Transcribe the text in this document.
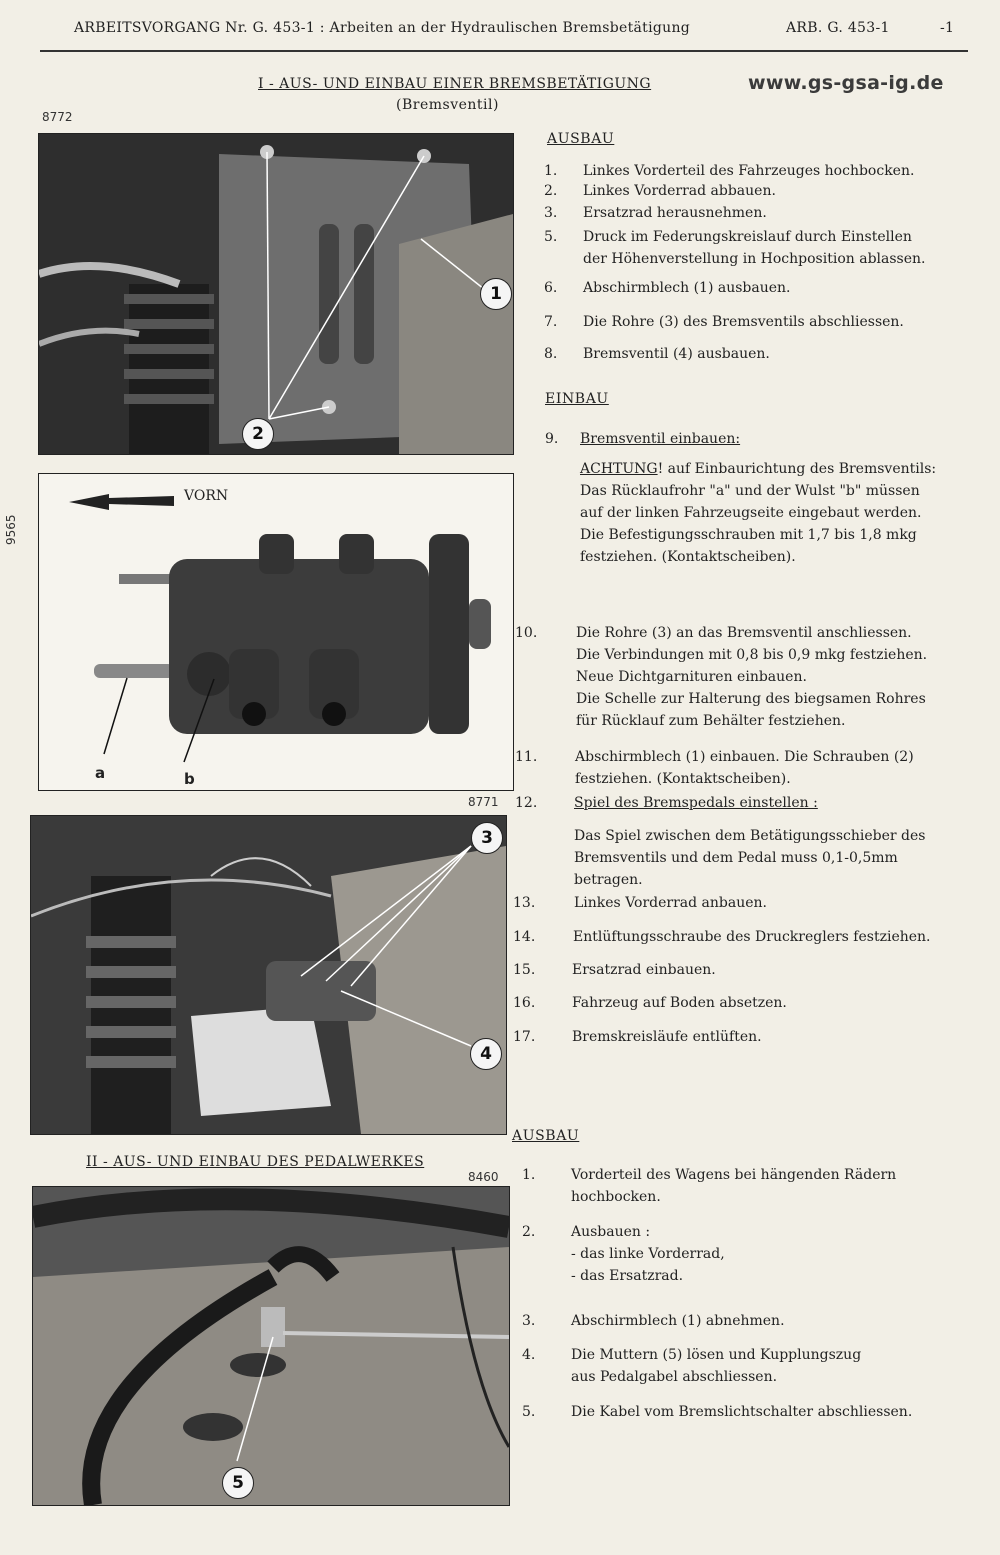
ARBEITSVORGANG Nr. G. 453-1 : Arbeiten an der Hydraulischen Bremsbetätigung	ARB. G. 453-1	-1
I - AUS- UND EINBAU EINER BREMSBETÄTIGUNG
(Bremsventil)
www.gs-gsa-ig.de
8772
1
2
9565
VORN
a	b
8771
3
4
II - AUS- UND EINBAU DES PEDALWERKES
8460
5
AUSBAU
1.	Linkes Vorderteil des Fahrzeuges hochbocken.
2.	Linkes Vorderrad abbauen.
3.	Ersatzrad herausnehmen.
5.	Druck im Federungskreislauf durch Einstellen
der Höhenverstellung in Hochposition ablassen.
6.	Abschirmblech (1) ausbauen.
7.	Die Rohre (3) des Bremsventils abschliessen.
8.	Bremsventil (4) ausbauen.
EINBAU
9. Bremsventil einbauen:
ACHTUNG! auf Einbaurichtung des Bremsventils:
Das Rücklaufrohr "a" und der Wulst "b" müssen
auf der linken Fahrzeugseite eingebaut werden.
Die Befestigungsschrauben mit 1,7 bis 1,8 mkg
festziehen. (Kontaktscheiben).
10.	Die Rohre (3) an das Bremsventil anschliessen.
Die Verbindungen mit 0,8 bis 0,9 mkg festziehen.
Neue Dichtgarnituren einbauen.
Die Schelle zur Halterung des biegsamen Rohres
für Rücklauf zum Behälter festziehen.
11.	Abschirmblech (1) einbauen. Die Schrauben (2)
festziehen. (Kontaktscheiben).
12.	Spiel des Bremspedals einstellen :
Das Spiel zwischen dem Betätigungsschieber des
Bremsventils und dem Pedal muss 0,1-0,5mm
betragen.
13.	Linkes Vorderrad anbauen.
14.	Entlüftungsschraube des Druckreglers festziehen.
15.	Ersatzrad einbauen.
16.	Fahrzeug auf Boden absetzen.
17.	Bremskreisläufe entlüften.
AUSBAU
1.	Vorderteil des Wagens bei hängenden Rädern
hochbocken.
2.	Ausbauen :
- das linke Vorderrad,
- das Ersatzrad.
3.	Abschirmblech (1) abnehmen.
4.	Die Muttern (5) lösen und Kupplungszug
aus Pedalgabel abschliessen.
5.	Die Kabel vom Bremslichtschalter abschliessen.
